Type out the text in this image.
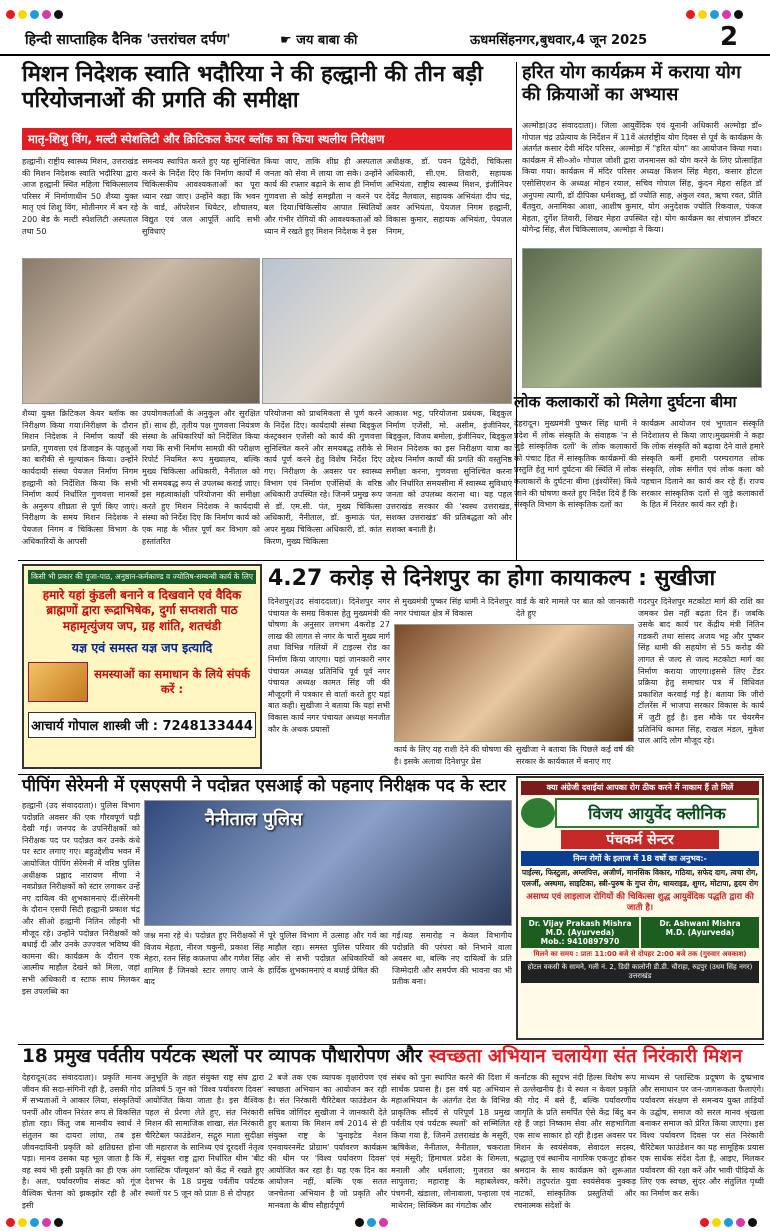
हिन्दी साप्ताहिक दैनिक 'उत्तरांचल दर्पण'	☛ जय बाबा की	ऊधमसिंहनगर,बुधवार,4 जून 2025	2
मिशन निदेशक स्वाति भदौरिया ने की हल्द्वानी की तीन बड़ी परियोजनाओं की प्रगति की समीक्षा
मातृ-शिशु विंग, मल्टी स्पेशलिटी और क्रिटिकल केयर ब्लॉक का किया स्थलीय निरीक्षण
हल्द्वानी। राष्ट्रीय स्वास्थ्य मिशन, उत्तराखंड की मिशन निदेशक स्वाति भदौरिया द्वारा आज हल्द्वानी स्थित महिला चिकित्सालय परिसर में निर्माणाधीन 50 शैय्या युक्त मातृ एवं शिशु विंग, मोतीनगर में बन रहे 200 बेड के मल्टी स्पेशलिटी अस्पताल तथा 50
समन्वय स्थापित करते हुए यह सुनिश्चित करने के निर्देश दिए कि निर्माण कार्यों में चिकित्सकीय आवश्यकताओं का पूरा ध्यान रखा जाए। उन्होंने कहा कि भवन के वार्ड, ऑपरेशन थियेटर, शौचालय, विद्युत एवं जल आपूर्ति आदि सभी सुविधाएं
किया जाए, ताकि शीघ्र ही अस्पताल जनता को सेवा में लाया जा सके। उन्होंने कार्य की रफ्तार बढ़ाने के साथ ही निर्माण गुणवत्ता से कोई समझौता न करने पर बल दिया।चिकित्सीय आपात स्थितियों और गंभीर रोगियों की आवश्यकताओं को ध्यान में रखते हुए मिशन निदेशक ने इस
अधीक्षक, डॉ. पवन द्विवेदी, चिकित्सा अधिकारी, सी.एम. तिवारी, सहायक अभियंता, राष्ट्रीय स्वास्थ्य मिशन, इंजीनियर देवेंद्र नैलवाल, सहायक अभियंता दीप चंद्र, अवर अभियंता, पेयजल निगम हल्द्वानी, विकास कुमार, सहायक अभियंता, पेयजल निगम,
शैय्या युक्त क्रिटिकल केयर ब्लॉक का निरीक्षण किया गया।निरीक्षण के दौरान मिशन निदेशक ने निर्माण कार्यों की प्रगति, गुणवत्ता एवं डिजाइन के पहलुओं का बारीकी से मूल्यांकन किया। उन्होंने कार्यदायी संस्था पेयजल निर्माण निगम हल्द्वानी को निर्देशित किया कि सभी निर्माण कार्य निर्धारित गुणवत्ता मानकों के अनुरूप शीघ्रता से पूर्ण किए जाएं।निरीक्षण के समय मिशन निदेशक ने पेयजल निगम व चिकित्सा विभाग के अधिकारियों के आपसी
उपयोगकर्ताओं के अनुकूल और सुरक्षित हों। साथ ही, तृतीय पक्ष गुणवत्ता नियंत्रण संस्था के अधिकारियों को निर्देशित किया गया कि सभी निर्माण सामग्री की परीक्षण रिपोर्ट नियमित रूप मुख्यालय, बल्कि मुख्य चिकित्सा अधिकारी, नैनीताल को भी समयबद्ध रूप से उपलब्ध कराई जाए। इस महत्वाकांक्षी परियोजना की समीक्षा करते हुए मिशन निदेशक ने कार्यदायी संस्था को निर्देश दिए कि निर्माण कार्य को एक माह के भीतर पूर्ण कर विभाग को हस्तांतरित
परियोजना को प्राथमिकता से पूर्ण करने के निर्देश दिए। कार्यदायी संस्था बिड्कुल कंस्ट्रक्शन एजेंसी को कार्य की गुणवत्ता सुनिश्चित करने और समयबद्ध तरीके से कार्य पूर्ण करने हेतु विशेष निर्देश दिए गए। निरीक्षण के अवसर पर स्वास्थ्य विभाग एवं निर्माण एजेंसियों के वरिष्ठ अधिकारी उपस्थित रहे। जिनमें प्रमुख रूप से डॉ. एम.सी. पंत, मुख्य चिकित्सा अधिकारी, नैनीताल, डॉ. कुमाऊं पंत, अपर मुख्य चिकित्सा अधिकारी, डॉ. कांत किरण, मुख्य चिकित्सा
आकाश भट्ट, परियोजना प्रबंधक, बिड्कुल निर्माण एजेंसी, मो. असीम, इंजीनियर, बिड्कुल, विजय बमोला, इंजीनियर, बिड्कुल मिशन निदेशक का इस निरीक्षण यात्रा का उद्देश्य निर्माण कार्यों की प्रगति की वस्तुनिष्ठ समीक्षा करना, गुणवत्ता सुनिश्चित करना और निर्धारित समयसीमा में स्वास्थ्य सुविधाएं जनता को उपलब्ध कराना था। यह पहल उत्तराखंड सरकार की 'स्वस्थ उत्तराखंड, सशक्त उत्तराखंड' की प्रतिबद्धता को और सशक्त बनाती है।
हरित योग कार्यक्रम में कराया योग की क्रियाओं का अभ्यास
अल्मोड़ा(उद संवाददाता)। जिला आयुर्वेदिक एवं यूनानी अधिकारी अल्मोड़ा डॉ० गोपाल चंद्र उप्रेत्याय के निर्देशन में 11वें अंतर्राष्ट्रीय योग दिवस से पूर्व के कार्यक्रम के अंतर्गत कसार देवी मंदिर परिसर, अल्मोड़ा में "हरित योग" का आयोजन किया गया। कार्यक्रम में सी०ओ० गोपाल जोशी द्वारा जनमानस को योग करने के लिए प्रोत्साहित किया गया। कार्यक्रम में मंदिर परिसर अध्यक्ष किशन सिंह मेहरा, कसार होटल एसोसिएशन के अध्यक्ष मोहन रयाल, सचिव गोपाल सिंह, कुंदन मेहरा सहित डॉ अनुपमा त्यागी, डॉ दीपिका धर्मशक्तु, डॉ ज्योति साह, अंकुल रवत, ऋचा रवत, प्रीति बैंतवुरा, अनामिका आशा, आशीष कुमार, योग अनुदेशक ज्योति रिकवाल, पंकज मेहता, दुर्गेश तिवारी, शिखर मेहरा उपस्थित रहे। योग कार्यक्रम का संचालन डॉक्टर योगेन्द्र सिंह, सैल चिकित्सालय, अल्मोड़ा ने किया।
लोक कलाकारों को मिलेगा दुर्घटना बीमा
देहरादून। मुख्यमंत्री पुष्कर सिंह धामी ने प्रदेश में लोक संस्कृति के संवाहक 'न से जुड़े सांस्कृतिक दलों' के लोक कलाकारों को पंचाट हित में सांस्कृतिक कार्यक्रमों की प्रस्तुति हेतु मार्ग दुर्घटना की स्थिति में लोक कलाकारों के दुर्घटना बीमा (इंश्योरेंस) किये जाने की घोषणा करते हुए निर्देश दिये हैं कि संस्कृति विभाग के सांस्कृतिक दलों का
कार्यक्रम आयोजन एवं भुगतान संस्कृति निदेशालय से किया जाए।मुख्यमंत्री ने कहा कि लोक संस्कृति को बढ़ावा देने वाले हमारे संस्कृति कर्मी हमारी परम्परागत लोक संस्कृति, लोक संगीत एवं लोक कला को पहचान दिलाने का कार्य कर रहे हैं। राज्य सरकार सांस्कृतिक दलों से जुड़े कलाकारों के हित में निरंतर कार्य कर रही है।
किसी भी प्रकार की पूजा-पाठ, अनुष्ठान-कर्मकाण्ड व ज्योतिष-सम्बन्धी कार्य के लिए
हमारे यहां कुंडली बनाने व दिखवाने एवं वैदिक ब्राह्मणों द्वारा रूद्राभिषेक, दुर्गा सप्तशती पाठ महामृत्युंजय जप, ग्रह शांति, शतचंडी
यज्ञ एवं समस्त यज्ञ जप इत्यादि
समस्याओं का समाधान के लिये संपर्क करें :
आचार्य गोपाल शास्त्री जी : 7248133444
4.27 करोड़ से दिनेशपुर का होगा कायाकल्प : सुखीजा
दिनेशपुर(उद संवाददाता)। दिनेशपुर नगर पंचायत के समग्र विकास हेतु मुख्यमंत्री की घोषणा के अनुसार लगभग 4करोड़ 27 लाख की लागत से नगर के चारों मुख्य मार्ग तथा विभिन्न गलियों में टाइल्स रोड का निर्माण किया जाएगा। यहां जानकारी नगर पंचायत अध्यक्ष प्रतिनिधि पूर्व पूर्व नगर पंचायत अध्यक्ष कामत सिंह जी की मौजूदगी में पत्रकार से वार्ता करते हुए यहां बात कही। सुखीजा ने बताया कि यहां सभी विकास कार्य नगर पंचायत अध्यक्ष मनजीत कौर के अथक प्रयासों
से मुख्यमंत्री पुष्कर सिंह धामी ने दिनेशपुर नगर पंचायत क्षेत्र में विकास
वार्ड के बारे मामले पर बात को जानकारी देते हुए
कार्य के लिए यह राशी देने की घोषणा की है। इसके अलावा दिनेशपुर प्रेस
सुखीजा ने बताया कि पिछले कई वर्ष की सरकार के कार्यकाल में बनाए गए
गदरपुर दिनेशपुर मटकोटा मार्ग की राशि का जमकर प्रेस नहीं बढ़ता दिन हैं। जबकि उसके बाद कार्य पर केंद्रीय मंत्री नितिन गडकरी तथा सांसद अजय भट्ट और पुष्कर सिंह धामी की सहयोग से 55 करोड़ की लागत से जल्द से जल्द मटकोटा मार्ग का निर्माण कराया जाएगा।इससे लिए टेंडर प्रक्रिया हेतु समाचार पत्र में विधिवत प्रकाशित करवाई गई है। बताया कि जीरो टॉलरेंस में भाजपा सरकार विकास के कार्य में जुटी हुई है। इस मौके पर चेयरमैन प्रतिनिधि कामत सिंह, राखल मंडल, मुकेश पाल आदि लोग मौजूद रहे।
पीपिंग सेरेमनी में एसएसपी ने पदोन्नत एसआई को पहनाए निरीक्षक पद के स्टार
हल्द्वानी (उद संवाददाता)। पुलिस विभाग पदोन्नति अवसर की एक गौरवपूर्ण घड़ी देखी गई। जनपद के उपनिरीक्षकों को निरीक्षक पद पर पदोन्नत कर उनके कंधे पर स्टार लगाए गए। बहुउद्देशीय भवन में आयोजित पीपिंग सेरेमनी में वरिष्ठ पुलिस अधीक्षक प्रह्लाद नारायण मीणा ने नवप्रोन्नत निरीक्षकों को स्टार लगाकर उन्हें नए दायित्व की शुभकामनाएं दीं।सेरेमनी के दौरान एसपी सिटी हल्द्वानी प्रकाश चंद्र और सीओ हल्द्वानी नितिन लोहनी भी मौजूद रहे। उन्होंने पदोन्नत निरीक्षकों को बधाई दी और उनके उज्ज्वल भविष्य की कामना की। कार्यक्रम के दौरान एक आत्मीय माहौल देखने को मिला, जहां सभी अधिकारी व स्टाफ साथ मिलकर इस उपलब्धि का
नैनीताल पुलिस
जश्न मना रहे थे। पदोन्नत हुए निरीक्षकों में विजय मेहता, नीरज चकुनी, प्रकाश सिंह मेहरा, रतन सिंह कफ़लपा और गणेश सिंह शामिल हैं जिनको स्टार लगाए जाने के बाद
पूरे पुलिस विभाग में उत्साह और गर्व का माहौल रहा। समस्त पुलिस परिवार की ओर से सभी पदोन्नत अधिकारियों को हार्दिक शुभकामनाएं व बधाई प्रेषित की
गई।यह समारोह न केवल विभागीय पदोन्नति की परंपरा को निभाने वाला अवसर था, बल्कि नए दायित्वों के प्रति जिम्मेदारी और समर्पण की भावना का भी प्रतीक बना।
क्या अंग्रेजी दवाईयां आपका रोग ठीक करने में नाकाम हैं तो मिलें
विजय आयुर्वेद क्लीनिक
पंचकर्म सेन्टर
निम्न रोगों के इलाज में 18 वर्षो का अनुभव:-
पाईल्स, फिस्टुला, अम्लपित्त, अजीर्ण, मानसिक विकार, गठिया, सफेद दाग, त्वचा रोग, एलर्जी, अस्थमा, साइटिका, स्त्री-पुरुष के गुप्त रोग, थायराइड, शुगर, मोटापा, हृदय रोग
असाध्य एवं लाइलाज रोगियों की चिकित्सा शुद्ध आयुर्वेदिक पद्धति द्वारा की जाती है।
Dr. Vijay Prakash Mishra
M.D. (Ayurveda)
Mob.: 9410897970
Dr. Ashwani Mishra
M.D. (Ayurveda)
मिलने का समय : प्रातः 11:00 बजे से दोपहर 2:00 बजे तक (गुरुवार अवकाश)
होटल वकसी के सामने, गली नं. 2, डिग्री कालोनी डी.डी. चौराहा, रुद्रपुर (उधम सिंह नगर) उत्तराखंड
18 प्रमुख पर्वतीय पर्यटक स्थलों पर व्यापक पौधारोपण और स्वच्छता अभियान चलायेगा संत निरंकारी मिशन
देहरादून(उद संवाददाता)। प्रकृति मानव जीवन की सदा-संगिनी रही है, उसकी गोद में सभ्यताओं ने आकार लिया, संस्कृतियों पनपीं और जीवन निरंतर रूप से विकसित होता रहा। किंतु जब मानवीय स्वार्थ ने संतुलन का दायरा लांघा, तब इस जीवनदायिनी प्रकृति को क्षतिग्रस्त होना पड़ा। मानव उसका यह भूल जाता है कि वह स्वयं भी इसी प्रकृति का ही एक अंग है। अतः, पर्यावरणीय संकट को गूंज वैश्विक चेतना को झकझोर रही है और इसी
अनुभूति के तहत संयुक्त राष्ट्र संघ द्वारा प्रतिवर्ष 5 जून को 'विश्व पर्यावरण दिवस' आयोजित किया जाता है। इस वैश्विक पहल से प्रेरणा लेते हुए, संत निरंकारी मिशन की सामाजिक शाखा, संत निरंकारी चैरिटेबल फाउंडेशन, सद्गुरु माता सुदीक्षा जी महाराज के सानिध्य एवं दूरदर्शी नेतृत्व में, संयुक्त राष्ट्र द्वारा निर्धारित थीम 'बीट प्लास्टिक पॉल्यूशन' को केंद्र में रखते हुए देशभर के 18 प्रमुख पर्वतीय पर्यटक स्थलों पर 5 जून को प्रातः 8 से दोपहर
2 बजे तक एक व्यापक वृक्षारोपण एवं स्वच्छता अभियान का आयोजन कर रही है। संत निरंकारी चैरिटेबल फाउंडेशन के सचिव जोगिंदर सुखीजा ने जानकारी देते हुए बताया कि मिशन वर्ष 2014 से ही संयुक्त राष्ट्र के 'युनाइटेड नेशन एनवायरनमेंट प्रोग्राम' पर्यावरण कार्यक्रम की थीम पर 'विश्व पर्यावरण दिवस' आयोजित कर रहा है। यह एक दिन का आयोजन नहीं, बल्कि एक सतत जनचेतना अभियान है जो प्रकृति और मानवता के बीच सौहार्दपूर्ण
संबंध को पुनः स्थापित करने की दिशा में सार्थक प्रयास है। इस वर्ष यह अभियान महाअभियान के अंतर्गत देश के विभिन्न प्राकृतिक सौंदर्य से परिपूर्ण 18 प्रमुख पर्वतीय एवं पर्यटक स्थलों' को सम्मिलित किया गया है, जिनमें उत्तराखंड के मसूरी, ऋषिकेश, नैनीताल, नैनीताल, चकराता एवं मंसूरी; हिमाचल प्रदेश के शिमला, मनाली और धर्मशाला; गुजरात का सापुतारा; महाराष्ट्र के महाबलेश्वर, पंचगनी, खंडाला, लोनावाला, पन्हाला एवं माथेरान; सिक्किम का गंगटोक और
कर्नाटक की स्तूपभ नंदी हिल्स विशेष रूप से उल्लेखनीय है। ये स्थल न केवल प्रकृति की गोद में बसे हैं, बल्कि पर्यावरणीय जागृति के प्रति समर्पित ऐसे केंद्र बिंदु बन रहे हैं जहां निष्काम सेवा और सहभागिता एक साथ साकार हो रही है।इस अवसर पर मिशन के स्वयंसेवक, सेवादल सदस्य, श्रद्धालु एवं स्थानीय नागरिक एकजुट होकर श्रमदान के साथ कार्यक्रम को शुरूआत करेंगे। तदुपरांत युवा स्वयंसेवक नुक्कड़ नाटकों, सांस्कृतिक प्रस्तुतियों और रचनात्मक संदेशों के
माध्यम से प्लास्टिक प्रदूषण के दुष्प्रभाव और समाधान पर जन-जागरूकता फैलाएंगे।पर्यावरण संरक्षण से समन्वय युक्त ताड़ियों के उद्घोष, समाज को सरल मानव श्रृंखला बनाकर समाज को प्रेरित किया जाएगा। इस विश्व पर्यावरण दिवस पर संत निरंकारी चैरिटेबल फाउंडेशन का यह सामूहिक प्रयास एक सार्थक संदेश देता है, आइए, मिलकर पर्यावरण की रक्षा करें और भावी पीढ़ियों के लिए एक स्वच्छ, सुंदर और संतुलित पृथ्वी का निर्माण कर सकें।
